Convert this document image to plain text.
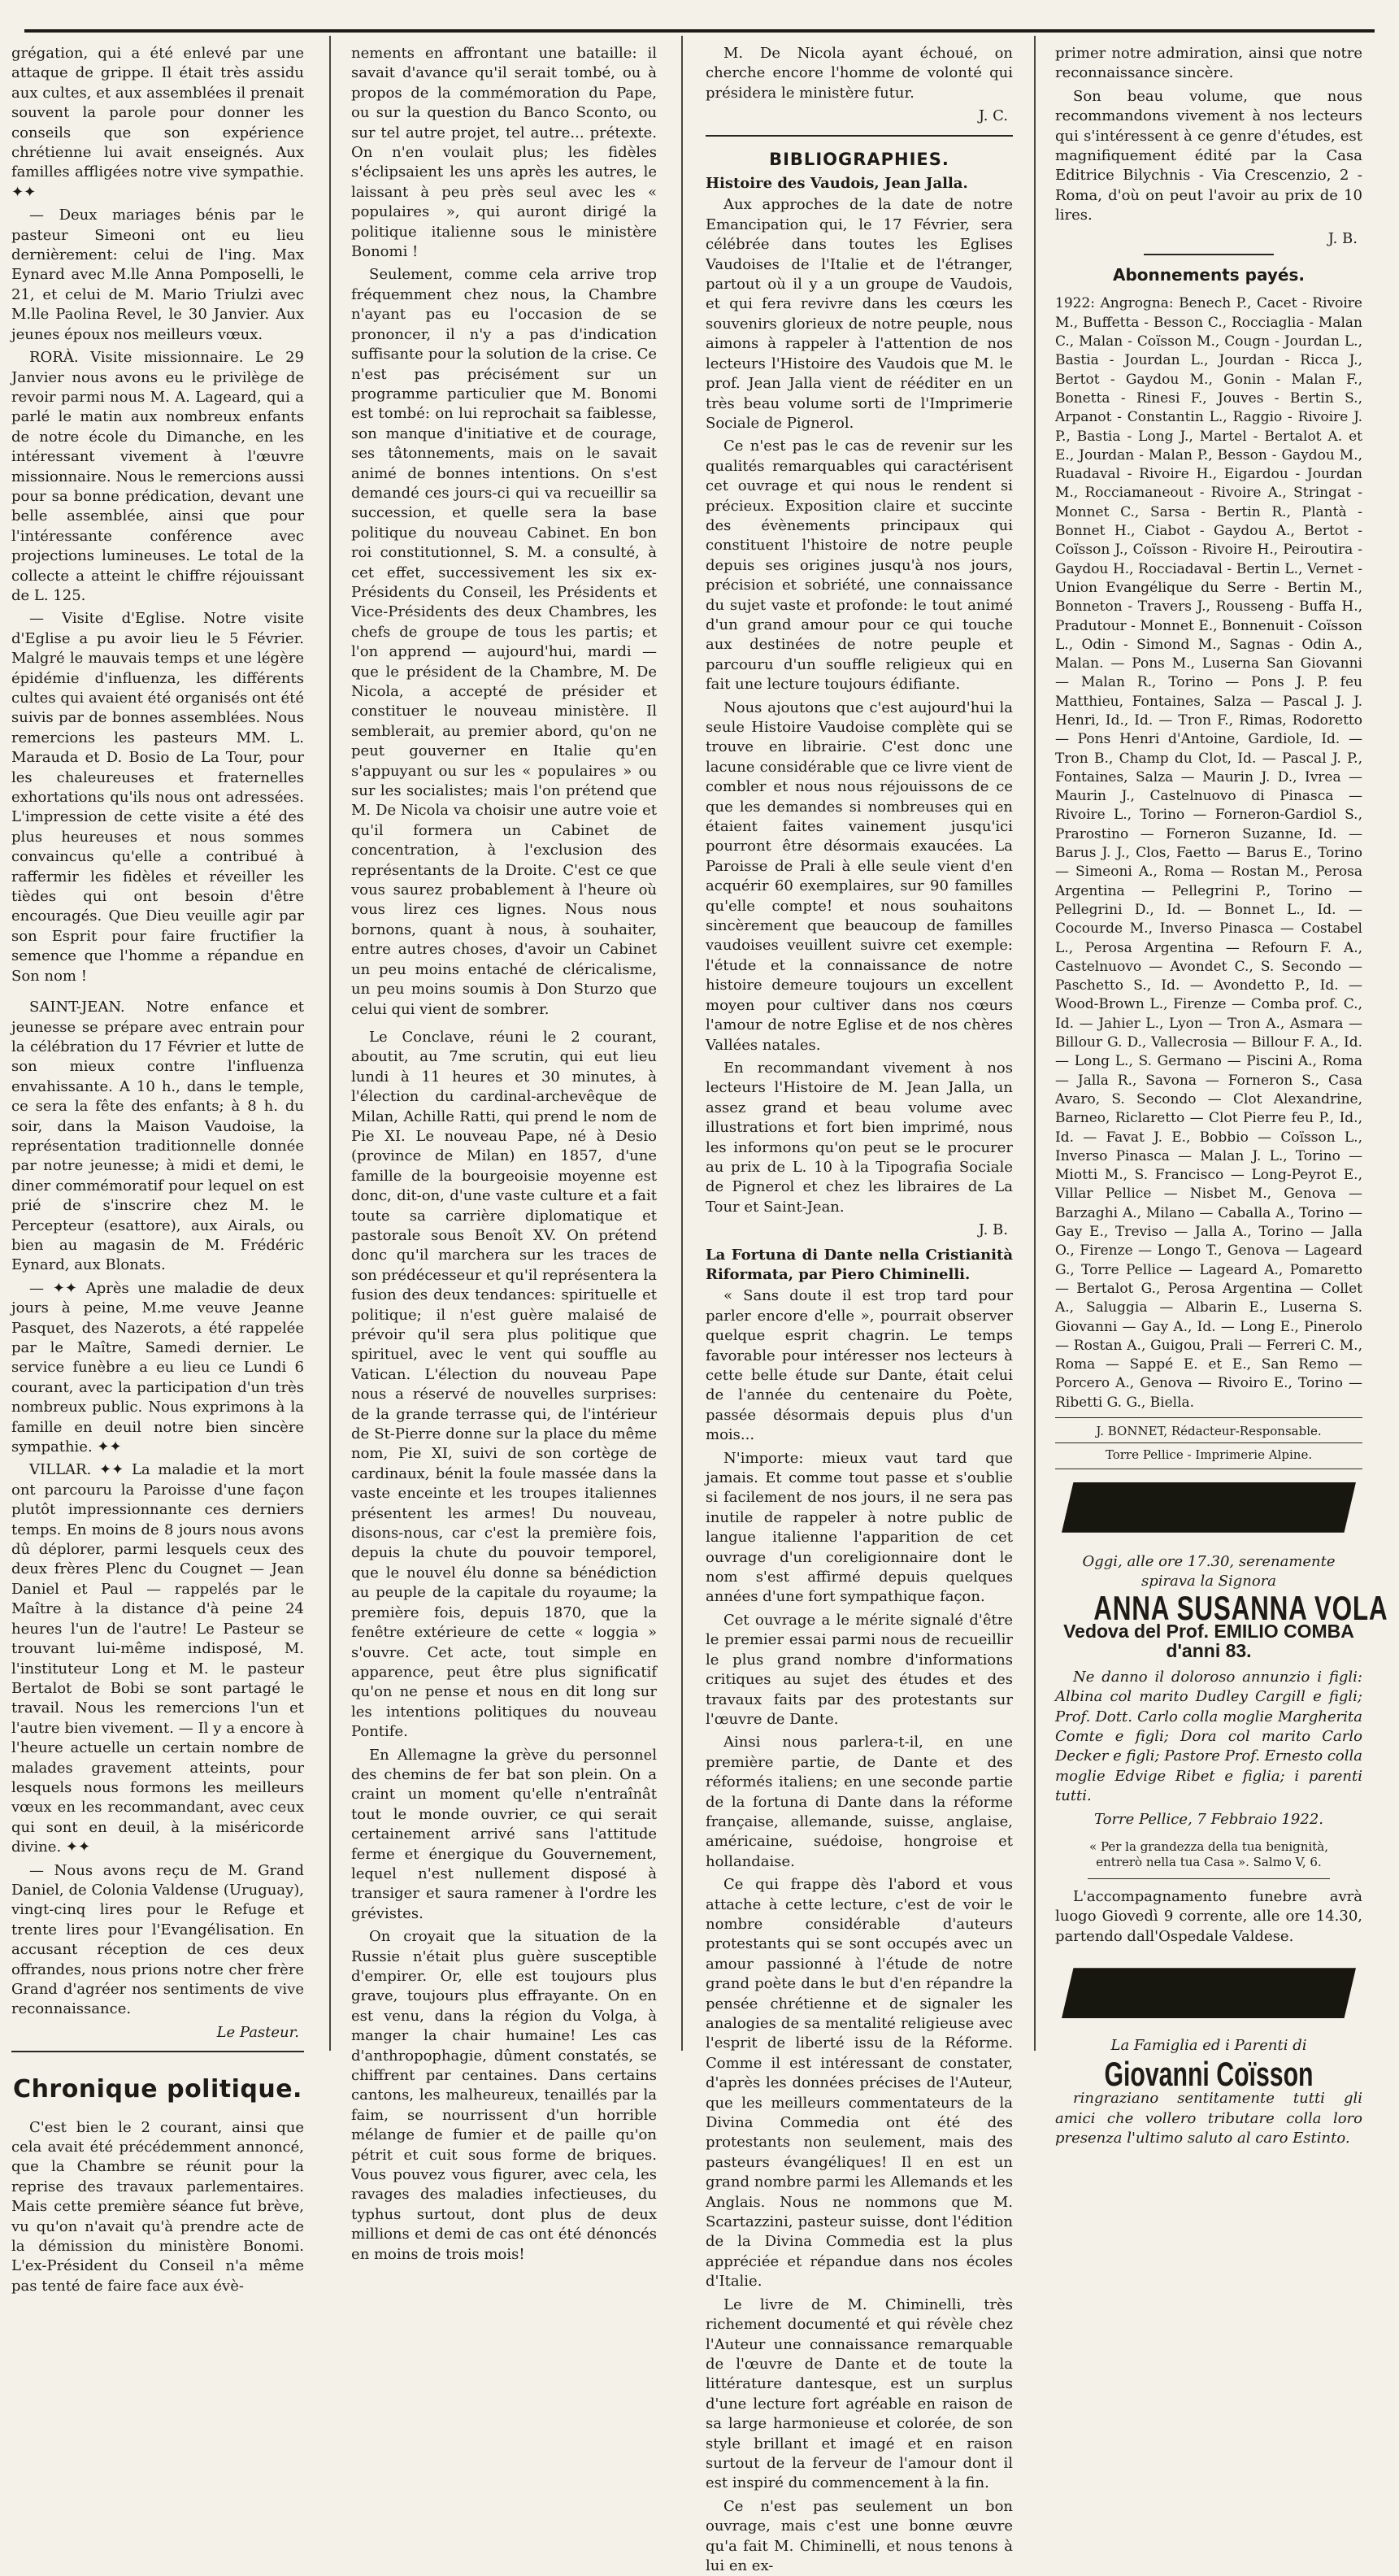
grégation, qui a été enlevé par une attaque de grippe. Il était très assidu aux cultes, et aux assemblées il prenait souvent la parole pour donner les conseils que son expérience chrétienne lui avait enseignés. Aux familles affligées notre vive sympathie. ✦✦

— Deux mariages bénis par le pasteur Simeoni ont eu lieu dernièrement: celui de l'ing. Max Eynard avec M.lle Anna Pomposelli, le 21, et celui de M. Mario Triulzi avec M.lle Paolina Revel, le 30 Janvier. Aux jeunes époux nos meilleurs vœux.

RORÀ. Visite missionnaire. Le 29 Janvier nous avons eu le privilège de revoir parmi nous M. A. Lageard, qui a parlé le matin aux nombreux enfants de notre école du Dimanche, en les intéressant vivement à l'œuvre missionnaire. Nous le remercions aussi pour sa bonne prédication, devant une belle assemblée, ainsi que pour l'intéressante conférence avec projections lumineuses. Le total de la collecte a atteint le chiffre réjouissant de L. 125.

— Visite d'Eglise. Notre visite d'Eglise a pu avoir lieu le 5 Février. Malgré le mauvais temps et une légère épidémie d'influenza, les différents cultes qui avaient été organisés ont été suivis par de bonnes assemblées. Nous remercions les pasteurs MM. L. Marauda et D. Bosio de La Tour, pour les chaleureuses et fraternelles exhortations qu'ils nous ont adressées. L'impression de cette visite a été des plus heureuses et nous sommes convaincus qu'elle a contribué à raffermir les fidèles et réveiller les tièdes qui ont besoin d'être encouragés. Que Dieu veuille agir par son Esprit pour faire fructifier la semence que l'homme a répandue en Son nom !

SAINT-JEAN. Notre enfance et jeunesse se prépare avec entrain pour la célébration du 17 Février et lutte de son mieux contre l'influenza envahissante. A 10 h., dans le temple, ce sera la fête des enfants; à 8 h. du soir, dans la Maison Vaudoise, la représentation traditionnelle donnée par notre jeunesse; à midi et demi, le diner commémoratif pour lequel on est prié de s'inscrire chez M. le Percepteur (esattore), aux Airals, ou bien au magasin de M. Frédéric Eynard, aux Blonats.

— ✦✦ Après une maladie de deux jours à peine, M.me veuve Jeanne Pasquet, des Nazerots, a été rappelée par le Maître, Samedi dernier. Le service funèbre a eu lieu ce Lundi 6 courant, avec la participation d'un très nombreux public. Nous exprimons à la famille en deuil notre bien sincère sympathie. ✦✦

VILLAR. ✦✦ La maladie et la mort ont parcouru la Paroisse d'une façon plutôt impressionnante ces derniers temps. En moins de 8 jours nous avons dû déplorer, parmi lesquels ceux des deux frères Plenc du Cougnet — Jean Daniel et Paul — rappelés par le Maître à la distance d'à peine 24 heures l'un de l'autre! Le Pasteur se trouvant lui-même indisposé, M. l'instituteur Long et M. le pasteur Bertalot de Bobi se sont partagé le travail. Nous les remercions l'un et l'autre bien vivement. — Il y a encore à l'heure actuelle un certain nombre de malades gravement atteints, pour lesquels nous formons les meilleurs vœux en les recommandant, avec ceux qui sont en deuil, à la miséricorde divine. ✦✦

— Nous avons reçu de M. Grand Daniel, de Colonia Valdense (Uruguay), vingt-cinq lires pour le Refuge et trente lires pour l'Evangélisation. En accusant réception de ces deux offrandes, nous prions notre cher frère Grand d'agréer nos sentiments de vive reconnaissance.

Le Pasteur.

Chronique politique.

C'est bien le 2 courant, ainsi que cela avait été précédemment annoncé, que la Chambre se réunit pour la reprise des travaux parlementaires. Mais cette première séance fut brève, vu qu'on n'avait qu'à prendre acte de la démission du ministère Bonomi. L'ex-Président du Conseil n'a même pas tenté de faire face aux évè-

nements en affrontant une bataille: il savait d'avance qu'il serait tombé, ou à propos de la commémoration du Pape, ou sur la question du Banco Sconto, ou sur tel autre projet, tel autre... prétexte. On n'en voulait plus; les fidèles s'éclipsaient les uns après les autres, le laissant à peu près seul avec les « populaires », qui auront dirigé la politique italienne sous le ministère Bonomi !

Seulement, comme cela arrive trop fréquemment chez nous, la Chambre n'ayant pas eu l'occasion de se prononcer, il n'y a pas d'indication suffisante pour la solution de la crise. Ce n'est pas précisément sur un programme particulier que M. Bonomi est tombé: on lui reprochait sa faiblesse, son manque d'initiative et de courage, ses tâtonnements, mais on le savait animé de bonnes intentions. On s'est demandé ces jours-ci qui va recueillir sa succession, et quelle sera la base politique du nouveau Cabinet. En bon roi constitutionnel, S. M. a consulté, à cet effet, successivement les six ex-Présidents du Conseil, les Présidents et Vice-Présidents des deux Chambres, les chefs de groupe de tous les partis; et l'on apprend — aujourd'hui, mardi — que le président de la Chambre, M. De Nicola, a accepté de présider et constituer le nouveau ministère. Il semblerait, au premier abord, qu'on ne peut gouverner en Italie qu'en s'appuyant ou sur les « populaires » ou sur les socialistes; mais l'on prétend que M. De Nicola va choisir une autre voie et qu'il formera un Cabinet de concentration, à l'exclusion des représentants de la Droite. C'est ce que vous saurez probablement à l'heure où vous lirez ces lignes. Nous nous bornons, quant à nous, à souhaiter, entre autres choses, d'avoir un Cabinet un peu moins entaché de cléricalisme, un peu moins soumis à Don Sturzo que celui qui vient de sombrer.

Le Conclave, réuni le 2 courant, aboutit, au 7me scrutin, qui eut lieu lundi à 11 heures et 30 minutes, à l'élection du cardinal-archevêque de Milan, Achille Ratti, qui prend le nom de Pie XI. Le nouveau Pape, né à Desio (province de Milan) en 1857, d'une famille de la bourgeoisie moyenne est donc, dit-on, d'une vaste culture et a fait toute sa carrière diplomatique et pastorale sous Benoît XV. On prétend donc qu'il marchera sur les traces de son prédécesseur et qu'il représentera la fusion des deux tendances: spirituelle et politique; il n'est guère malaisé de prévoir qu'il sera plus politique que spirituel, avec le vent qui souffle au Vatican. L'élection du nouveau Pape nous a réservé de nouvelles surprises: de la grande terrasse qui, de l'intérieur de St-Pierre donne sur la place du même nom, Pie XI, suivi de son cortège de cardinaux, bénit la foule massée dans la vaste enceinte et les troupes italiennes présentent les armes! Du nouveau, disons-nous, car c'est la première fois, depuis la chute du pouvoir temporel, que le nouvel élu donne sa bénédiction au peuple de la capitale du royaume; la première fois, depuis 1870, que la fenêtre extérieure de cette « loggia » s'ouvre. Cet acte, tout simple en apparence, peut être plus significatif qu'on ne pense et nous en dit long sur les intentions politiques du nouveau Pontife.

En Allemagne la grève du personnel des chemins de fer bat son plein. On a craint un moment qu'elle n'entraînât tout le monde ouvrier, ce qui serait certainement arrivé sans l'attitude ferme et énergique du Gouvernement, lequel n'est nullement disposé à transiger et saura ramener à l'ordre les grévistes.

On croyait que la situation de la Russie n'était plus guère susceptible d'empirer. Or, elle est toujours plus grave, toujours plus effrayante. On en est venu, dans la région du Volga, à manger la chair humaine! Les cas d'anthropophagie, dûment constatés, se chiffrent par centaines. Dans certains cantons, les malheureux, tenaillés par la faim, se nourrissent d'un horrible mélange de fumier et de paille qu'on pétrit et cuit sous forme de briques. Vous pouvez vous figurer, avec cela, les ravages des maladies infectieuses, du typhus surtout, dont plus de deux millions et demi de cas ont été dénoncés en moins de trois mois!

M. De Nicola ayant échoué, on cherche encore l'homme de volonté qui présidera le ministère futur.

J. C.

BIBLIOGRAPHIES.

Histoire des Vaudois, Jean Jalla.

Aux approches de la date de notre Emancipation qui, le 17 Février, sera célébrée dans toutes les Eglises Vaudoises de l'Italie et de l'étranger, partout où il y a un groupe de Vaudois, et qui fera revivre dans les cœurs les souvenirs glorieux de notre peuple, nous aimons à rappeler à l'attention de nos lecteurs l'Histoire des Vaudois que M. le prof. Jean Jalla vient de rééditer en un très beau volume sorti de l'Imprimerie Sociale de Pignerol.

Ce n'est pas le cas de revenir sur les qualités remarquables qui caractérisent cet ouvrage et qui nous le rendent si précieux. Exposition claire et succinte des évènements principaux qui constituent l'histoire de notre peuple depuis ses origines jusqu'à nos jours, précision et sobriété, une connaissance du sujet vaste et profonde: le tout animé d'un grand amour pour ce qui touche aux destinées de notre peuple et parcouru d'un souffle religieux qui en fait une lecture toujours édifiante.

Nous ajoutons que c'est aujourd'hui la seule Histoire Vaudoise complète qui se trouve en librairie. C'est donc une lacune considérable que ce livre vient de combler et nous nous réjouissons de ce que les demandes si nombreuses qui en étaient faites vainement jusqu'ici pourront être désormais exaucées. La Paroisse de Prali à elle seule vient d'en acquérir 60 exemplaires, sur 90 familles qu'elle compte! et nous souhaitons sincèrement que beaucoup de familles vaudoises veuillent suivre cet exemple: l'étude et la connaissance de notre histoire demeure toujours un excellent moyen pour cultiver dans nos cœurs l'amour de notre Eglise et de nos chères Vallées natales.

En recommandant vivement à nos lecteurs l'Histoire de M. Jean Jalla, un assez grand et beau volume avec illustrations et fort bien imprimé, nous les informons qu'on peut se le procurer au prix de L. 10 à la Tipografia Sociale de Pignerol et chez les libraires de La Tour et Saint-Jean.

J. B.

La Fortuna di Dante nella Cristianità Riformata, par Piero Chiminelli.

« Sans doute il est trop tard pour parler encore d'elle », pourrait observer quelque esprit chagrin. Le temps favorable pour intéresser nos lecteurs à cette belle étude sur Dante, était celui de l'année du centenaire du Poète, passée désormais depuis plus d'un mois...

N'importe: mieux vaut tard que jamais. Et comme tout passe et s'oublie si facilement de nos jours, il ne sera pas inutile de rappeler à notre public de langue italienne l'apparition de cet ouvrage d'un coreligionnaire dont le nom s'est affirmé depuis quelques années d'une fort sympathique façon.

Cet ouvrage a le mérite signalé d'être le premier essai parmi nous de recueillir le plus grand nombre d'informations critiques au sujet des études et des travaux faits par des protestants sur l'œuvre de Dante.

Ainsi nous parlera-t-il, en une première partie, de Dante et des réformés italiens; en une seconde partie de la fortuna di Dante dans la réforme française, allemande, suisse, anglaise, américaine, suédoise, hongroise et hollandaise.

Ce qui frappe dès l'abord et vous attache à cette lecture, c'est de voir le nombre considérable d'auteurs protestants qui se sont occupés avec un amour passionné à l'étude de notre grand poète dans le but d'en répandre la pensée chrétienne et de signaler les analogies de sa mentalité religieuse avec l'esprit de liberté issu de la Réforme. Comme il est intéressant de constater, d'après les données précises de l'Auteur, que les meilleurs commentateurs de la Divina Commedia ont été des protestants non seulement, mais des pasteurs évangéliques! Il en est un grand nombre parmi les Allemands et les Anglais. Nous ne nommons que M. Scartazzini, pasteur suisse, dont l'édition de la Divina Commedia est la plus appréciée et répandue dans nos écoles d'Italie.

Le livre de M. Chiminelli, très richement documenté et qui révèle chez l'Auteur une connaissance remarquable de l'œuvre de Dante et de toute la littérature dantesque, est un surplus d'une lecture fort agréable en raison de sa large harmonieuse et colorée, de son style brillant et imagé et en raison surtout de la ferveur de l'amour dont il est inspiré du commencement à la fin.

Ce n'est pas seulement un bon ouvrage, mais c'est une bonne œuvre qu'a fait M. Chiminelli, et nous tenons à lui en ex-

primer notre admiration, ainsi que notre reconnaissance sincère.

Son beau volume, que nous recommandons vivement à nos lecteurs qui s'intéressent à ce genre d'études, est magnifiquement édité par la Casa Editrice Bilychnis - Via Crescenzio, 2 - Roma, d'où on peut l'avoir au prix de 10 lires.

J. B.

Abonnements payés.

1922: Angrogna: Benech P., Cacet - Rivoire M., Buffetta - Besson C., Rocciaglia - Malan C., Malan - Coïsson M., Cougn - Jourdan L., Bastia - Jourdan L., Jourdan - Ricca J., Bertot - Gaydou M., Gonin - Malan F., Bonetta - Rinesi F., Jouves - Bertin S., Arpanot - Constantin L., Raggio - Rivoire J. P., Bastia - Long J., Martel - Bertalot A. et E., Jourdan - Malan P., Besson - Gaydou M., Ruadaval - Rivoire H., Eigardou - Jourdan M., Rocciamaneout - Rivoire A., Stringat - Monnet C., Sarsa - Bertin R., Plantà - Bonnet H., Ciabot - Gaydou A., Bertot - Coïsson J., Coïsson - Rivoire H., Peiroutira - Gaydou H., Rocciadaval - Bertin L., Vernet - Union Evangélique du Serre - Bertin M., Bonneton - Travers J., Rousseng - Buffa H., Pradutour - Monnet E., Bonnenuit - Coïsson L., Odin - Simond M., Sagnas - Odin A., Malan. — Pons M., Luserna San Giovanni — Malan R., Torino — Pons J. P. feu Matthieu, Fontaines, Salza — Pascal J. J. Henri, Id., Id. — Tron F., Rimas, Rodoretto — Pons Henri d'Antoine, Gardiole, Id. — Tron B., Champ du Clot, Id. — Pascal J. P., Fontaines, Salza — Maurin J. D., Ivrea — Maurin J., Castelnuovo di Pinasca — Rivoire L., Torino — Forneron-Gardiol S., Prarostino — Forneron Suzanne, Id. — Barus J. J., Clos, Faetto — Barus E., Torino — Simeoni A., Roma — Rostan M., Perosa Argentina — Pellegrini P., Torino — Pellegrini D., Id. — Bonnet L., Id. — Cocourde M., Inverso Pinasca — Costabel L., Perosa Argentina — Refourn F. A., Castelnuovo — Avondet C., S. Secondo — Paschetto S., Id. — Avondetto P., Id. — Wood-Brown L., Firenze — Comba prof. C., Id. — Jahier L., Lyon — Tron A., Asmara — Billour G. D., Vallecrosia — Billour F. A., Id. — Long L., S. Germano — Piscini A., Roma — Jalla R., Savona — Forneron S., Casa Avaro, S. Secondo — Clot Alexandrine, Barneo, Riclaretto — Clot Pierre feu P., Id., Id. — Favat J. E., Bobbio — Coïsson L., Inverso Pinasca — Malan J. L., Torino — Miotti M., S. Francisco — Long-Peyrot E., Villar Pellice — Nisbet M., Genova — Barzaghi A., Milano — Caballa A., Torino — Gay E., Treviso — Jalla A., Torino — Jalla O., Firenze — Longo T., Genova — Lageard G., Torre Pellice — Lageard A., Pomaretto — Bertalot G., Perosa Argentina — Collet A., Saluggia — Albarin E., Luserna S. Giovanni — Gay A., Id. — Long E., Pinerolo — Rostan A., Guigou, Prali — Ferreri C. M., Roma — Sappé E. et E., San Remo — Porcero A., Genova — Rivoiro E., Torino — Ribetti G. G., Biella.

J. BONNET, Rédacteur-Responsable.
Torre Pellice - Imprimerie Alpine.

Oggi, alle ore 17.30, serenamente spirava la Signora

ANNA SUSANNA VOLA

Vedova del Prof. EMILIO COMBA

d'anni 83.

Ne danno il doloroso annunzio i figli: Albina col marito Dudley Cargill e figli; Prof. Dott. Carlo colla moglie Margherita Comte e figli; Dora col marito Carlo Decker e figli; Pastore Prof. Ernesto colla moglie Edvige Ribet e figlia; i parenti tutti.

Torre Pellice, 7 Febbraio 1922.

« Per la grandezza della tua benignità, entrerò nella tua Casa ». Salmo V, 6.

L'accompagnamento funebre avrà luogo Giovedì 9 corrente, alle ore 14.30, partendo dall'Ospedale Valdese.

La Famiglia ed i Parenti di

Giovanni Coïsson

ringraziano sentitamente tutti gli amici che vollero tributare colla loro presenza l'ultimo saluto al caro Estinto.
